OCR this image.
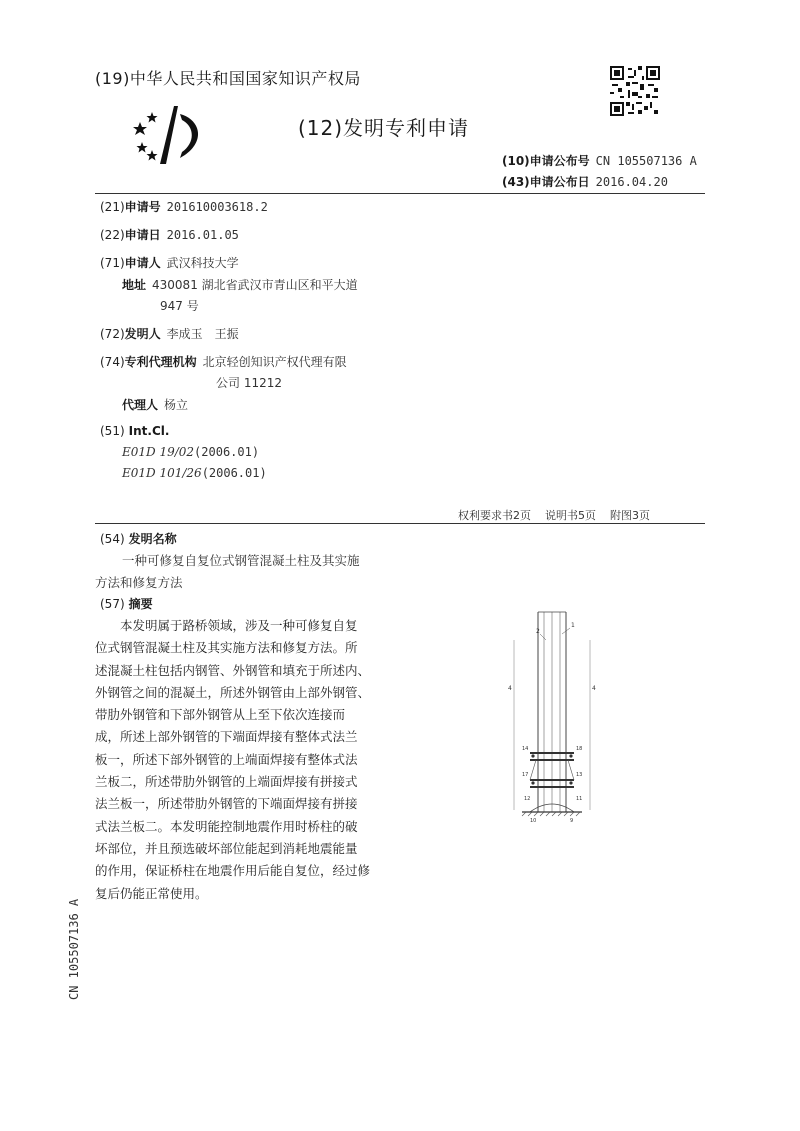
(19)中华人民共和国国家知识产权局
(12)发明专利申请
(10)申请公布号 CN 105507136 A
(43)申请公布日 2016.04.20
(21)申请号 201610003618.2
(22)申请日 2016.01.05
(71)申请人 武汉科技大学
地址 430081 湖北省武汉市青山区和平大道
947 号
(72)发明人 李成玉　王振
(74)专利代理机构 北京轻创知识产权代理有限
公司 11212
代理人 杨立
(51) Int.Cl.
E01D 19/02(2006.01)
E01D 101/26(2006.01)
权利要求书2页 说明书5页 附图3页
(54) 发明名称
一种可修复自复位式钢管混凝土柱及其实施
方法和修复方法
(57) 摘要
　　本发明属于路桥领域，涉及一种可修复自复
位式钢管混凝土柱及其实施方法和修复方法。所
述混凝土柱包括内钢管、外钢管和填充于所述内、
外钢管之间的混凝土，所述外钢管由上部外钢管、
带肋外钢管和下部外钢管从上至下依次连接而
成，所述上部外钢管的下端面焊接有整体式法兰
板一，所述下部外钢管的上端面焊接有整体式法
兰板二，所述带肋外钢管的上端面焊接有拼接式
法兰板一，所述带肋外钢管的下端面焊接有拼接
式法兰板二。本发明能控制地震作用时桥柱的破
坏部位，并且预选破坏部位能起到消耗地震能量
的作用，保证桥柱在地震作用后能自复位，经过修
复后仍能正常使用。
2
1
4	4
14	18
17	13
12	11
10	9
CN 105507136 A
